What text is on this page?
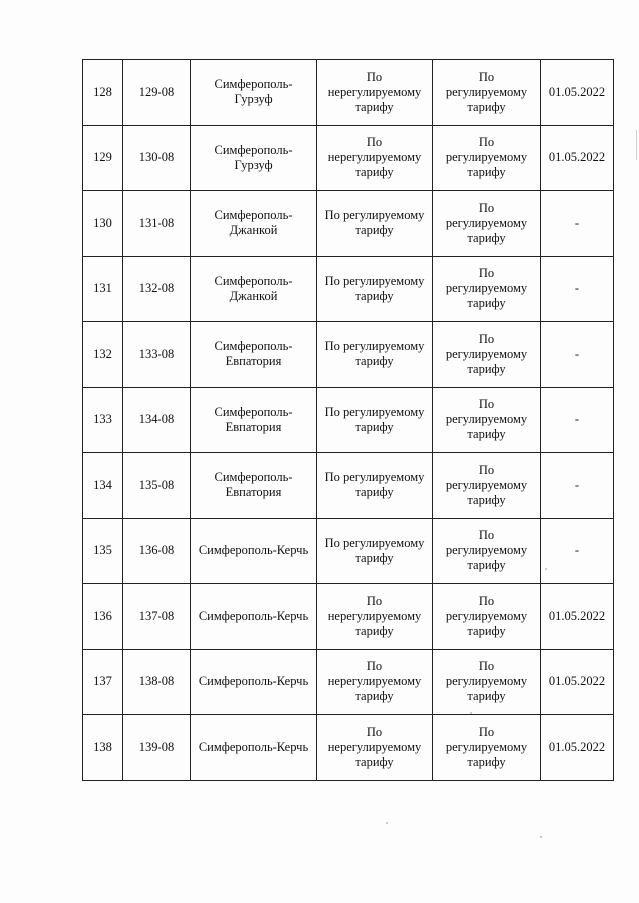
128	129-08	Симферополь-
Гурзуф	По
нерегулируемому
тарифу	По
регулируемому
тарифу	01.05.2022
129	130-08	Симферополь-
Гурзуф	По
нерегулируемому
тарифу	По
регулируемому
тарифу	01.05.2022
130	131-08	Симферополь-
Джанкой	По регулируемому
тарифу	По
регулируемому
тарифу	-
131	132-08	Симферополь-
Джанкой	По регулируемому
тарифу	По
регулируемому
тарифу	-
132	133-08	Симферополь-
Евпатория	По регулируемому
тарифу	По
регулируемому
тарифу	-
133	134-08	Симферополь-
Евпатория	По регулируемому
тарифу	По
регулируемому
тарифу	-
134	135-08	Симферополь-
Евпатория	По регулируемому
тарифу	По
регулируемому
тарифу	-
135	136-08	Симферополь-Керчь	По регулируемому
тарифу	По
регулируемому
тарифу	-
136	137-08	Симферополь-Керчь	По
нерегулируемому
тарифу	По
регулируемому
тарифу	01.05.2022
137	138-08	Симферополь-Керчь	По
нерегулируемому
тарифу	По
регулируемому
тарифу	01.05.2022
138	139-08	Симферополь-Керчь	По
нерегулируемому
тарифу	По
регулируемому
тарифу	01.05.2022
